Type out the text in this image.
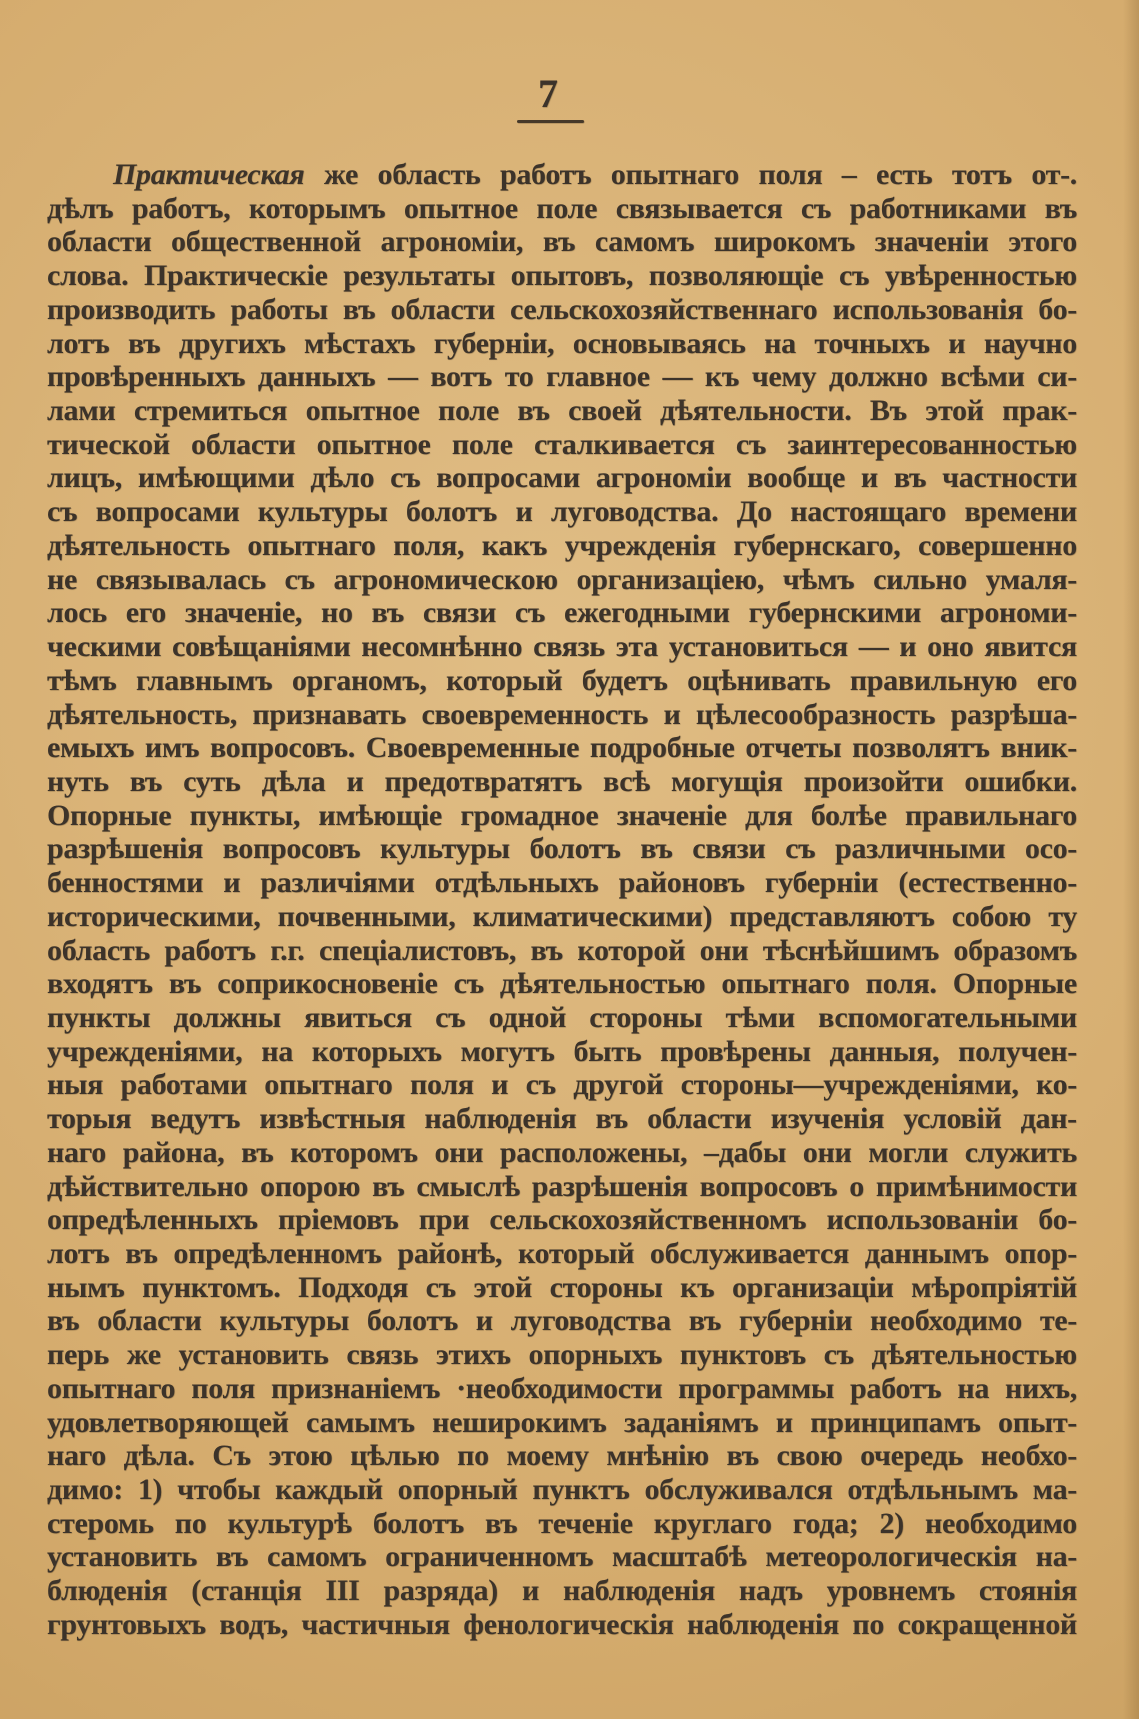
7
Практическая же область работъ опытнаго поля – есть тотъ от-.
дѣлъ работъ, которымъ опытное поле связывается съ работниками въ
области общественной агрономіи, въ самомъ широкомъ значеніи этого
слова. Практическіе результаты опытовъ, позволяющіе съ увѣренностью
производить работы въ области сельскохозяйственнаго использованія бо-
лотъ въ другихъ мѣстахъ губерніи, основываясь на точныхъ и научно
провѣренныхъ данныхъ — вотъ то главное — къ чему должно всѣми си-
лами стремиться опытное поле въ своей дѣятельности. Въ этой прак-
тической области опытное поле сталкивается съ заинтересованностью
лицъ, имѣющими дѣло съ вопросами агрономіи вообще и въ частности
съ вопросами культуры болотъ и луговодства. До настоящаго времени
дѣятельность опытнаго поля, какъ учрежденія губернскаго, совершенно
не связывалась съ агрономическою организаціею, чѣмъ сильно умаля-
лось его значеніе, но въ связи съ ежегодными губернскими агрономи-
ческими совѣщаніями несомнѣнно связь эта установиться — и оно явится
тѣмъ главнымъ органомъ, который будетъ оцѣнивать правильную его
дѣятельность, признавать своевременность и цѣлесообразность разрѣша-
емыхъ имъ вопросовъ. Своевременные подробные отчеты позволятъ вник-
нуть въ суть дѣла и предотвратятъ всѣ могущія произойти ошибки.
Опорные пункты, имѣющіе громадное значеніе для болѣе правильнаго
разрѣшенія вопросовъ культуры болотъ въ связи съ различными осо-
бенностями и различіями отдѣльныхъ районовъ губерніи (естественно-
историческими, почвенными, климатическими) представляютъ собою ту
область работъ г.г. спеціалистовъ, въ которой они тѣснѣйшимъ образомъ
входятъ въ соприкосновеніе съ дѣятельностью опытнаго поля. Опорные
пункты должны явиться съ одной стороны тѣми вспомогательными
учрежденіями, на которыхъ могутъ быть провѣрены данныя, получен-
ныя работами опытнаго поля и съ другой стороны—учрежденіями, ко-
торыя ведутъ извѣстныя наблюденія въ области изученія условій дан-
наго района, въ которомъ они расположены, –дабы они могли служить
дѣйствительно опорою въ смыслѣ разрѣшенія вопросовъ о примѣнимости
опредѣленныхъ пріемовъ при сельскохозяйственномъ использованіи бо-
лотъ въ опредѣленномъ районѣ, который обслуживается даннымъ опор-
нымъ пунктомъ. Подходя съ этой стороны къ организаціи мѣропріятій
въ области культуры болотъ и луговодства въ губерніи необходимо те-
перь же установить связь этихъ опорныхъ пунктовъ съ дѣятельностью
опытнаго поля признаніемъ ·необходимости программы работъ на нихъ,
удовлетворяющей самымъ неширокимъ заданіямъ и принципамъ опыт-
наго дѣла. Съ этою цѣлью по моему мнѣнію въ свою очередь необхо-
димо: 1) чтобы каждый опорный пунктъ обслуживался отдѣльнымъ ма-
стеромь по культурѣ болотъ въ теченіе круглаго года; 2) необходимо
установить въ самомъ ограниченномъ масштабѣ метеорологическія на-
блюденія (станція III разряда) и наблюденія надъ уровнемъ стоянія
грунтовыхъ водъ, частичныя фенологическія наблюденія по сокращенной
